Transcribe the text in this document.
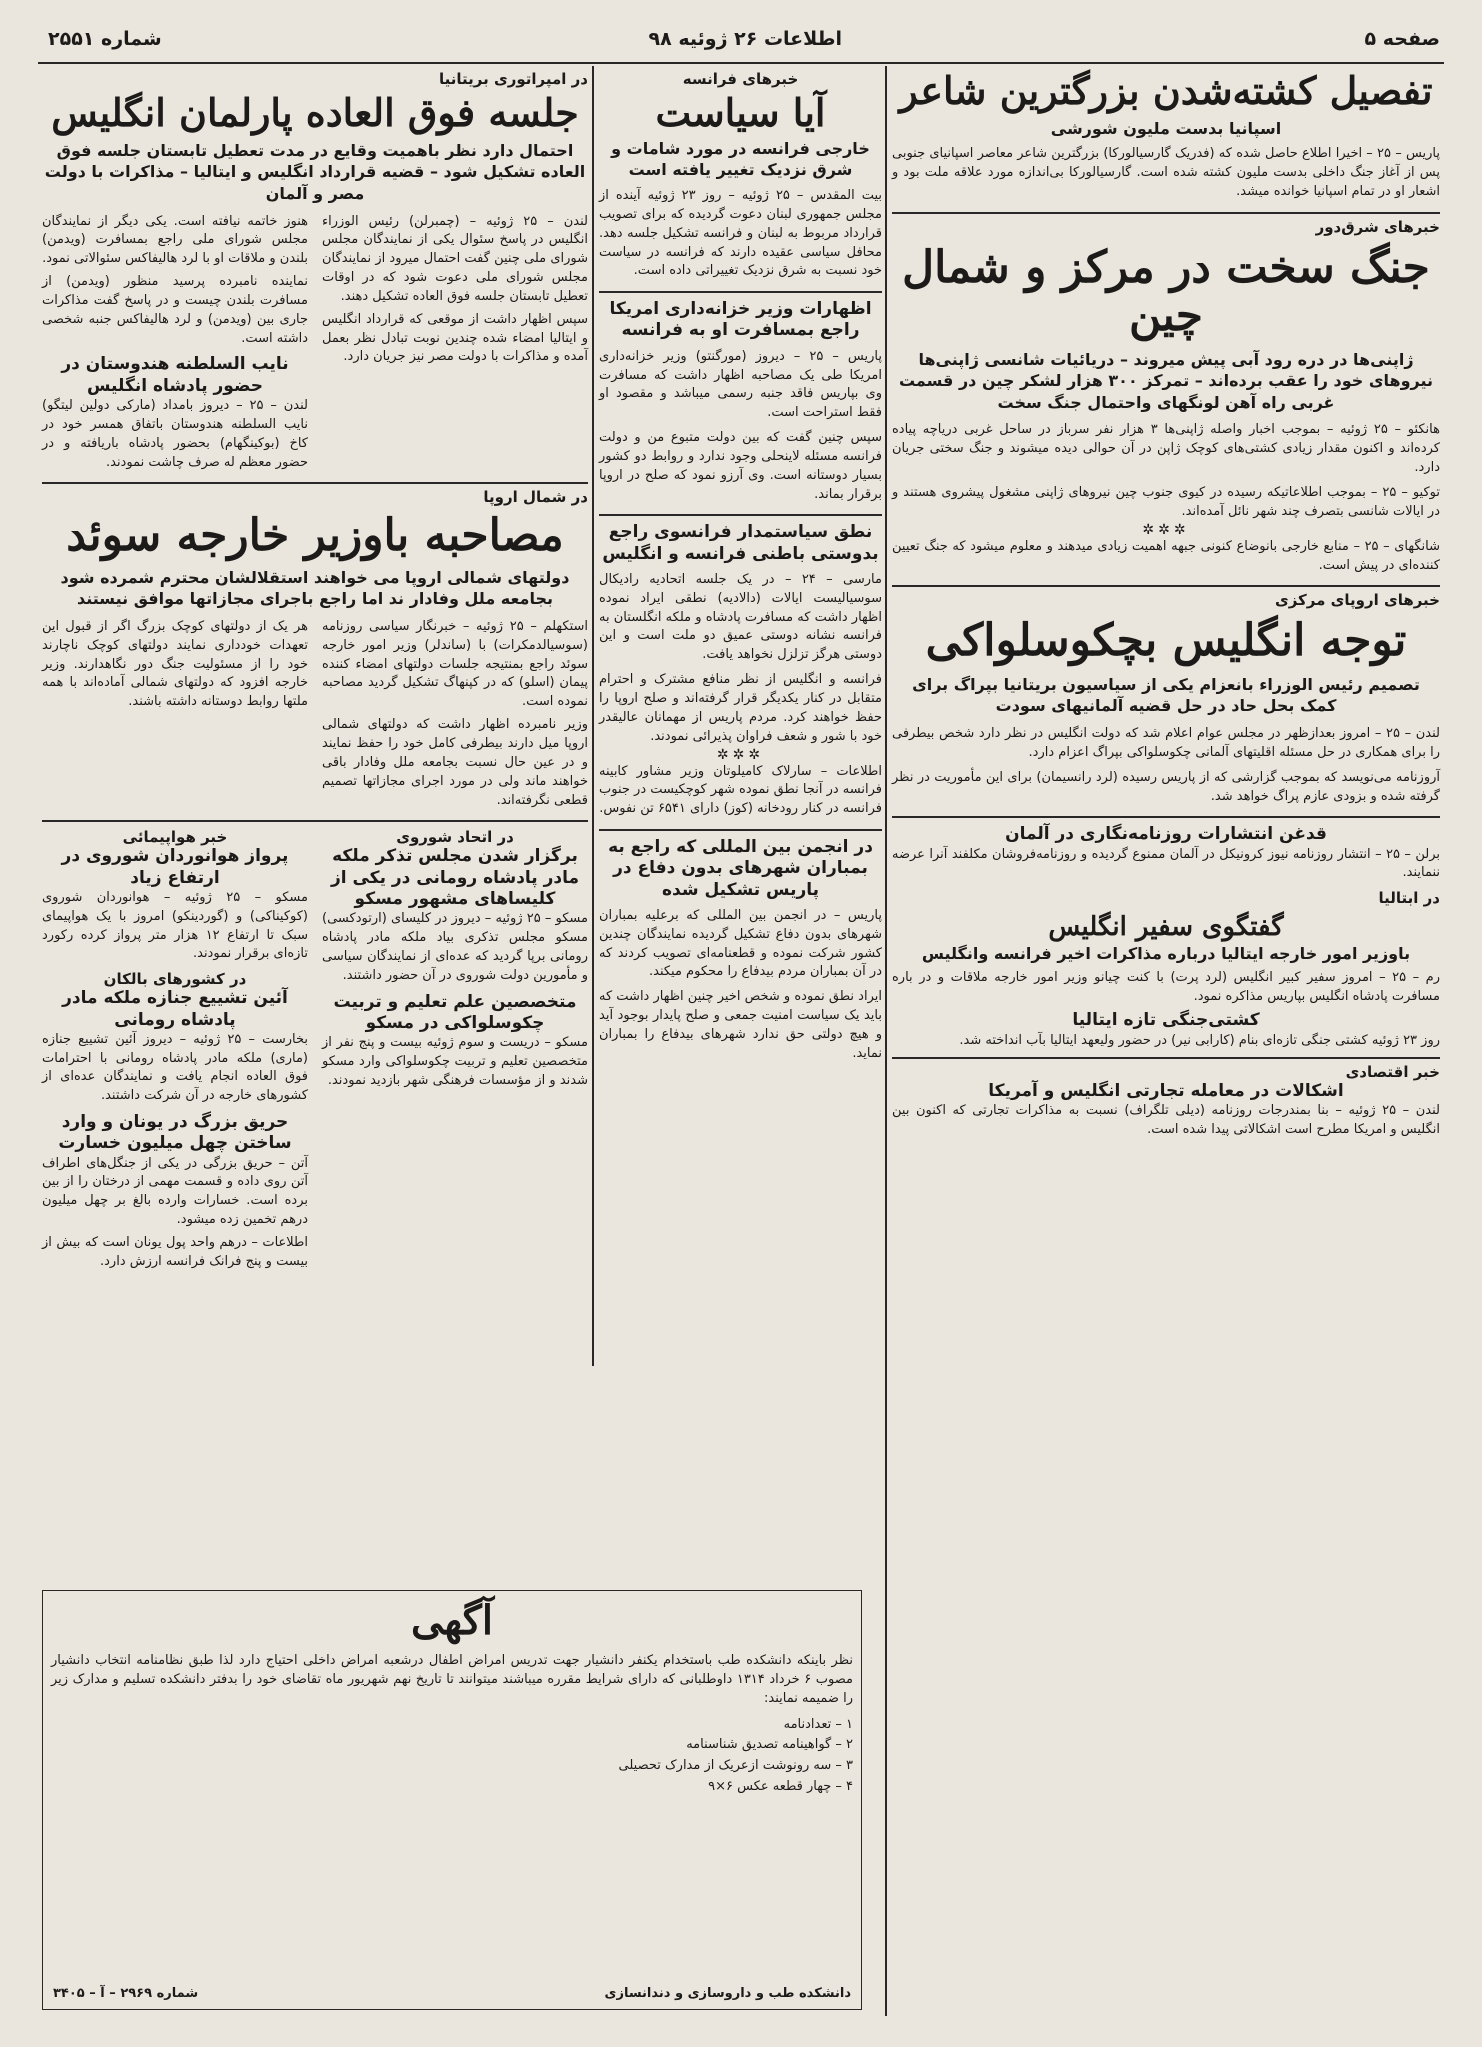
صفحه ۵
اطلاعات ۲۶ ژوئیه ۹۸
شماره ۲۵۵۱
تفصیل کشته‌شدن بزرگترین شاعر
اسپانیا بدست ملیون شورشی
پاریس – ۲۵ – اخیرا اطلاع حاصل شده که (فدریک گارسیالورکا) بزرگترین شاعر معاصر اسپانیای جنوبی پس از آغاز جنگ داخلی بدست ملیون کشته شده است. گارسیالورکا بی‌اندازه مورد علاقه ملت بود و اشعار او در تمام اسپانیا خوانده میشد.
خبرهای شرق‌دور
جنگ سخت در مرکز و شمال چین
ژاپنی‌ها در دره رود آبی پیش میروند – دریائیات شانسی ژاپنی‌ها نیروهای خود را عقب برده‌اند – تمرکز ۳۰۰ هزار لشکر چین در قسمت غربی راه آهن لونگهای واحتمال جنگ سخت
هانکئو – ۲۵ ژوئیه – بموجب اخبار واصله ژاپنی‌ها ۳ هزار نفر سرباز در ساحل غربی دریاچه پیاده کرده‌اند و اکنون مقدار زیادی کشتی‌های کوچک ژاپن در آن حوالی دیده میشوند و جنگ سختی جریان دارد.
توکیو – ۲۵ – بموجب اطلاعاتیکه رسیده در کیوی جنوب چین نیروهای ژاپنی مشغول پیشروی هستند و در ایالات شانسی بتصرف چند شهر نائل آمده‌اند.
✲✲✲
شانگهای – ۲۵ – منابع خارجی بانوضاع کنونی جبهه اهمیت زیادی میدهند و معلوم میشود که جنگ تعیین کننده‌ای در پیش است.
خبرهای اروپای مرکزی
توجه انگلیس بچکوسلواکی
تصمیم رئیس الوزراء بانعزام یکی از سیاسیون بریتانیا بپراگ برای کمک بحل حاد در حل قضیه آلمانیهای سودت
لندن – ۲۵ – امروز بعدازظهر در مجلس عوام اعلام شد که دولت انگلیس در نظر دارد شخص بیطرفی را برای همکاری در حل مسئله اقلیتهای آلمانی چکوسلواکی بپراگ اعزام دارد.
آروزنامه می‌نویسد که بموجب گزارشی که از پاریس رسیده (لرد رانسیمان) برای این مأموریت در نظر گرفته شده و بزودی عازم پراگ خواهد شد.
قدغن انتشارات روزنامه‌نگاری در آلمان
برلن – ۲۵ – انتشار روزنامه نیوز کرونیکل در آلمان ممنوع گردیده و روزنامه‌فروشان مکلفند آنرا عرضه ننمایند.
در ابتالیا
گفتگوی سفیر انگلیس
باوزیر امور خارجه ایتالیا درباره مذاکرات اخیر فرانسه وانگلیس
رم – ۲۵ – امروز سفیر کبیر انگلیس (لرد پرت) با کنت چیانو وزیر امور خارجه ملاقات و در باره مسافرت پادشاه انگلیس بپاریس مذاکره نمود.
کشتی‌جنگی تازه ایتالیا
روز ۲۳ ژوئیه کشتی جنگی تازه‌ای بنام (کارابی نیر) در حضور ولیعهد ایتالیا بآب انداخته شد.
خبر اقتصادی
اشکالات در معامله تجارتی انگلیس و آمریکا
لندن – ۲۵ ژوئیه – بنا بمندرجات روزنامه (دیلی تلگراف) نسبت به مذاکرات تجارتی که اکنون بین انگلیس و امریکا مطرح است اشکالاتی پیدا شده است.
خبرهای فرانسه
آیا سیاست
خارجی فرانسه در مورد شامات و شرق نزدیک تغییر یافته است
بیت المقدس – ۲۵ ژوئیه – روز ۲۳ ژوئیه آینده از مجلس جمهوری لبنان دعوت گردیده که برای تصویب قرارداد مربوط به لبنان و فرانسه تشکیل جلسه دهد. محافل سیاسی عقیده دارند که فرانسه در سیاست خود نسبت به شرق نزدیک تغییراتی داده است.
اظهارات وزیر خزانه‌داری امریکا راجع بمسافرت او به فرانسه
پاریس – ۲۵ – دیروز (مورگنتو) وزیر خزانه‌داری امریکا طی یک مصاحبه اظهار داشت که مسافرت وی بپاریس فاقد جنبه رسمی میباشد و مقصود او فقط استراحت است.
سپس چنین گفت که بین دولت متبوع من و دولت فرانسه مسئله لاینحلی وجود ندارد و روابط دو کشور بسیار دوستانه است. وی آرزو نمود که صلح در اروپا برقرار بماند.
نطق سیاستمدار فرانسوی راجع بدوستی باطنی فرانسه و انگلیس
مارسی – ۲۴ – در یک جلسه اتحادیه رادیکال سوسیالیست ایالات (دالادیه) نطقی ایراد نموده اظهار داشت که مسافرت پادشاه و ملکه انگلستان به فرانسه نشانه دوستی عمیق دو ملت است و این دوستی هرگز تزلزل نخواهد یافت.
فرانسه و انگلیس از نظر منافع مشترک و احترام متقابل در کنار یکدیگر قرار گرفته‌اند و صلح اروپا را حفظ خواهند کرد. مردم پاریس از مهمانان عالیقدر خود با شور و شعف فراوان پذیرائی نمودند.
✲✲✲
اطلاعات – سارلاک کامیلوتان وزیر مشاور کابینه فرانسه در آنجا نطق نموده شهر کوچکیست در جنوب فرانسه در کنار رودخانه (کوز) دارای ۶۵۴۱ تن نفوس.
در انجمن بین المللی که راجع به بمباران شهرهای بدون دفاع در پاریس تشکیل شده
پاریس – در انجمن بین المللی که برعلیه بمباران شهرهای بدون دفاع تشکیل گردیده نمایندگان چندین کشور شرکت نموده و قطعنامه‌ای تصویب کردند که در آن بمباران مردم بیدفاع را محکوم میکند.
ایراد نطق نموده و شخص اخیر چنین اظهار داشت که باید یک سیاست امنیت جمعی و صلح پایدار بوجود آید و هیچ دولتی حق ندارد شهرهای بیدفاع را بمباران نماید.
در امپراتوری بریتانیا
جلسه فوق العاده پارلمان انگلیس
احتمال دارد نظر باهمیت وقایع در مدت تعطیل تابستان جلسه فوق العاده تشکیل شود – قضیه قرارداد انگلیس و ایتالیا – مذاکرات با دولت مصر و آلمان
لندن – ۲۵ ژوئیه – (چمبرلن) رئیس الوزراء انگلیس در پاسخ سئوال یکی از نمایندگان مجلس شورای ملی چنین گفت احتمال میرود از نمایندگان مجلس شورای ملی دعوت شود که در اوقات تعطیل تابستان جلسه فوق العاده تشکیل دهند.
سپس اظهار داشت از موقعی که قرارداد انگلیس و ایتالیا امضاء شده چندین نوبت تبادل نظر بعمل آمده و مذاکرات با دولت مصر نیز جریان دارد.
هنوز خاتمه نیافته است. یکی دیگر از نمایندگان مجلس شورای ملی راجع بمسافرت (ویدمن) بلندن و ملاقات او با لرد هالیفاکس سئوالاتی نمود.
نماینده نامبرده پرسید منظور (ویدمن) از مسافرت بلندن چیست و در پاسخ گفت مذاکرات جاری بین (ویدمن) و لرد هالیفاکس جنبه شخصی داشته است.
نایب السلطنه هندوستان در حضور پادشاه انگلیس
لندن – ۲۵ – دیروز بامداد (مارکی دولین لیتگو) نایب السلطنه هندوستان باتفاق همسر خود در کاخ (بوکینگهام) بحضور پادشاه باریافته و در حضور معظم له صرف چاشت نمودند.
در شمال اروپا
مصاحبه باوزیر خارجه سوئد
دولتهای شمالی اروپا می خواهند استقلالشان محترم شمرده شود بجامعه ملل وفادار ند اما راجع باجرای مجازاتها موافق نیستند
استکهلم – ۲۵ ژوئیه – خبرنگار سیاسی روزنامه (سوسیالدمکرات) با (ساندلر) وزیر امور خارجه سوئد راجع بمنتیجه جلسات دولتهای امضاء کننده پیمان (اسلو) که در کپنهاگ تشکیل گردید مصاحبه نموده است.
وزیر نامبرده اظهار داشت که دولتهای شمالی اروپا میل دارند بیطرفی کامل خود را حفظ نمایند و در عین حال نسبت بجامعه ملل وفادار باقی خواهند ماند ولی در مورد اجرای مجازاتها تصمیم قطعی نگرفته‌اند.
هر یک از دولتهای کوچک بزرگ اگر از قبول این تعهدات خودداری نمایند دولتهای کوچک ناچارند خود را از مسئولیت جنگ دور نگاهدارند. وزیر خارجه افزود که دولتهای شمالی آماده‌اند با همه ملتها روابط دوستانه داشته باشند.
در اتحاد شوروی
برگزار شدن مجلس تذکر ملکه مادر پادشاه رومانی در یکی از کلیساهای مشهور مسکو
مسکو – ۲۵ ژوئیه – دیروز در کلیسای (ارتودکسی) مسکو مجلس تذکری بیاد ملکه مادر پادشاه رومانی برپا گردید که عده‌ای از نمایندگان سیاسی و مأمورین دولت شوروی در آن حضور داشتند.
متخصصین علم تعلیم و تربیت چکوسلواکی در مسکو
مسکو – دریست و سوم ژوئیه بیست و پنج نفر از متخصصین تعلیم و تربیت چکوسلواکی وارد مسکو شدند و از مؤسسات فرهنگی شهر بازدید نمودند.
خبر هواپیمائی
پرواز هوانوردان شوروی در ارتفاع زیاد
مسکو – ۲۵ ژوئیه – هوانوردان شوروی (کوکیناکی) و (گوردینکو) امروز با یک هواپیمای سبک تا ارتفاع ۱۲ هزار متر پرواز کرده رکورد تازه‌ای برقرار نمودند.
در کشورهای بالکان
آئین تشییع جنازه ملکه مادر پادشاه رومانی
بخارست – ۲۵ ژوئیه – دیروز آئین تشییع جنازه (ماری) ملکه مادر پادشاه رومانی با احترامات فوق العاده انجام یافت و نمایندگان عده‌ای از کشورهای خارجه در آن شرکت داشتند.
حریق بزرگ در یونان و وارد ساختن چهل میلیون خسارت
آتن – حریق بزرگی در یکی از جنگل‌های اطراف آتن روی داده و قسمت مهمی از درختان را از بین برده است. خسارات وارده بالغ بر چهل میلیون درهم تخمین زده میشود.
اطلاعات – درهم واحد پول یونان است که بیش از بیست و پنج فرانک فرانسه ارزش دارد.
آگهی
نظر باینکه دانشکده طب باستخدام یکنفر دانشیار جهت تدریس امراض اطفال درشعبه امراض داخلی احتیاج دارد لذا طبق نظامنامه انتخاب دانشیار مصوب ۶ خرداد ۱۳۱۴ داوطلبانی که دارای شرایط مقرره میباشند میتوانند تا تاریخ نهم شهریور ماه تقاضای خود را بدفتر دانشکده تسلیم و مدارک زیر را ضمیمه نمایند:
۱ – تعدادنامه
۲ – گواهینامه تصدیق شناسنامه
۳ – سه رونوشت ازعریک از مدارک تحصیلی
۴ – چهار قطعه عکس ۶×۹
دانشکده طب و داروسازی و دندانسازی
شماره ۲۹۶۹ – آ – ۳۴۰۵
